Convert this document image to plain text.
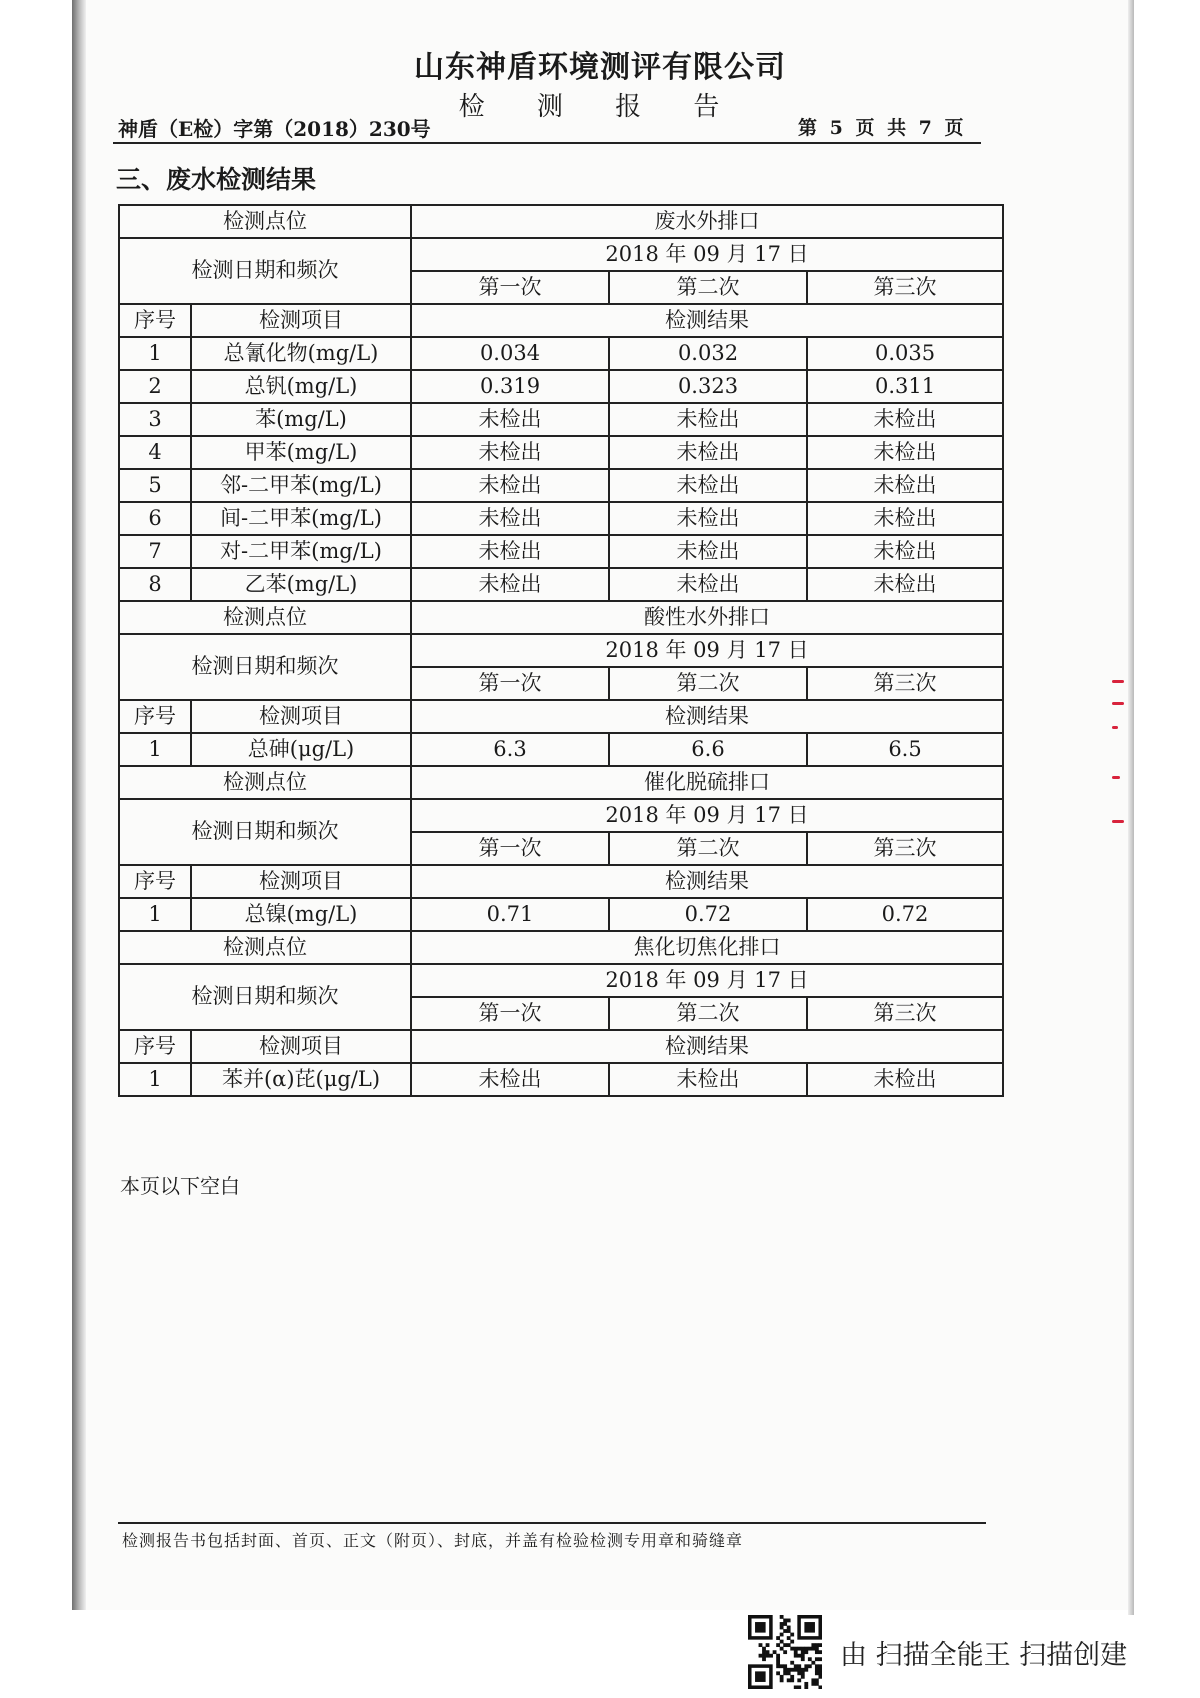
山东神盾环境测评有限公司
检 测 报 告
神盾（E检）字第（2018）230号	第 5 页 共 7 页
三、废水检测结果
检测点位		废水外排口		
检测日期和频次		2018 年 09 月 17 日		
		第一次	第二次	第三次
序号	检测项目	检测结果		
1	总氰化物(mg/L)	0.034	0.032	0.035
2	总钒(mg/L)	0.319	0.323	0.311
3	苯(mg/L)	未检出	未检出	未检出
4	甲苯(mg/L)	未检出	未检出	未检出
5	邻-二甲苯(mg/L)	未检出	未检出	未检出
6	间-二甲苯(mg/L)	未检出	未检出	未检出
7	对-二甲苯(mg/L)	未检出	未检出	未检出
8	乙苯(mg/L)	未检出	未检出	未检出
检测点位		酸性水外排口		
检测日期和频次		2018 年 09 月 17 日		
		第一次	第二次	第三次
序号	检测项目	检测结果		
1	总砷(μg/L)	6.3	6.6	6.5
检测点位		催化脱硫排口		
检测日期和频次		2018 年 09 月 17 日		
		第一次	第二次	第三次
序号	检测项目	检测结果		
1	总镍(mg/L)	0.71	0.72	0.72
检测点位		焦化切焦化排口		
检测日期和频次		2018 年 09 月 17 日		
		第一次	第二次	第三次
序号	检测项目	检测结果		
1	苯并(α)芘(μg/L)	未检出	未检出	未检出
本页以下空白
检测报告书包括封面、首页、正文（附页）、封底，并盖有检验检测专用章和骑缝章
由 扫描全能王 扫描创建
